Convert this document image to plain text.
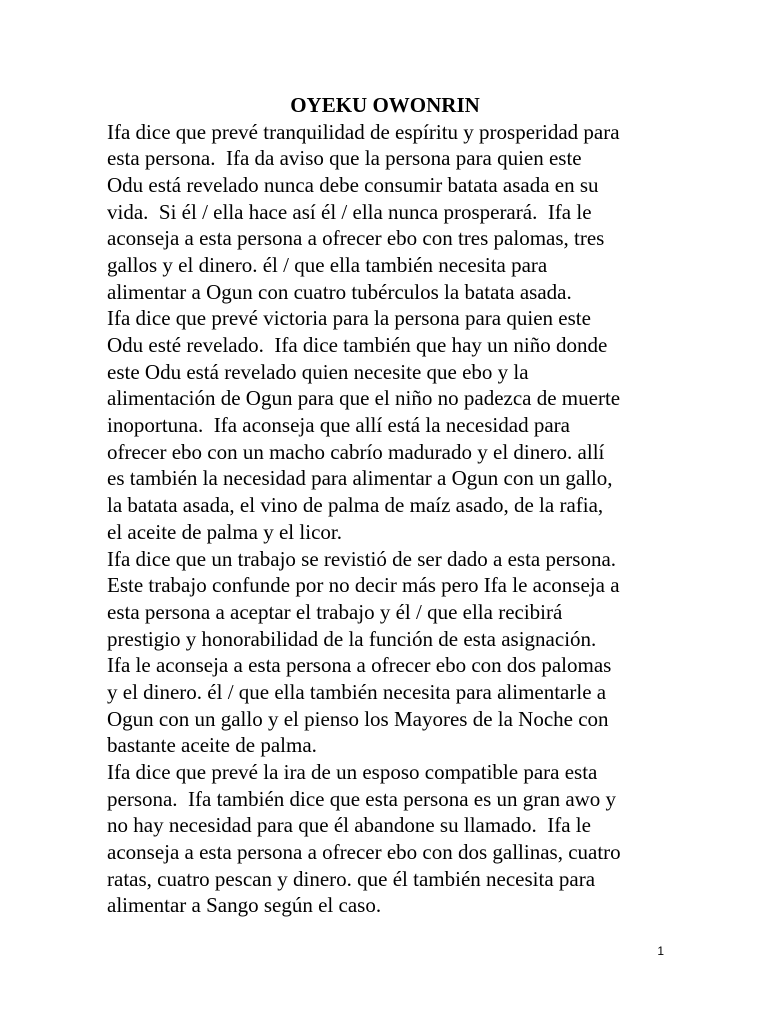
OYEKU OWONRIN
Ifa dice que prevé tranquilidad de espíritu y prosperidad para
esta persona.  Ifa da aviso que la persona para quien este
Odu está revelado nunca debe consumir batata asada en su
vida.  Si él / ella hace así él / ella nunca prosperará.  Ifa le
aconseja a esta persona a ofrecer ebo con tres palomas, tres
gallos y el dinero. él / que ella también necesita para
alimentar a Ogun con cuatro tubérculos la batata asada.
Ifa dice que prevé victoria para la persona para quien este
Odu esté revelado.  Ifa dice también que hay un niño donde
este Odu está revelado quien necesite que ebo y la
alimentación de Ogun para que el niño no padezca de muerte
inoportuna.  Ifa aconseja que allí está la necesidad para
ofrecer ebo con un macho cabrío madurado y el dinero. allí
es también la necesidad para alimentar a Ogun con un gallo,
la batata asada, el vino de palma de maíz asado, de la rafia,
el aceite de palma y el licor.
Ifa dice que un trabajo se revistió de ser dado a esta persona.
Este trabajo confunde por no decir más pero Ifa le aconseja a
esta persona a aceptar el trabajo y él / que ella recibirá
prestigio y honorabilidad de la función de esta asignación.
Ifa le aconseja a esta persona a ofrecer ebo con dos palomas
y el dinero. él / que ella también necesita para alimentarle a
Ogun con un gallo y el pienso los Mayores de la Noche con
bastante aceite de palma.
Ifa dice que prevé la ira de un esposo compatible para esta
persona.  Ifa también dice que esta persona es un gran awo y
no hay necesidad para que él abandone su llamado.  Ifa le
aconseja a esta persona a ofrecer ebo con dos gallinas, cuatro
ratas, cuatro pescan y dinero. que él también necesita para
alimentar a Sango según el caso.
1
